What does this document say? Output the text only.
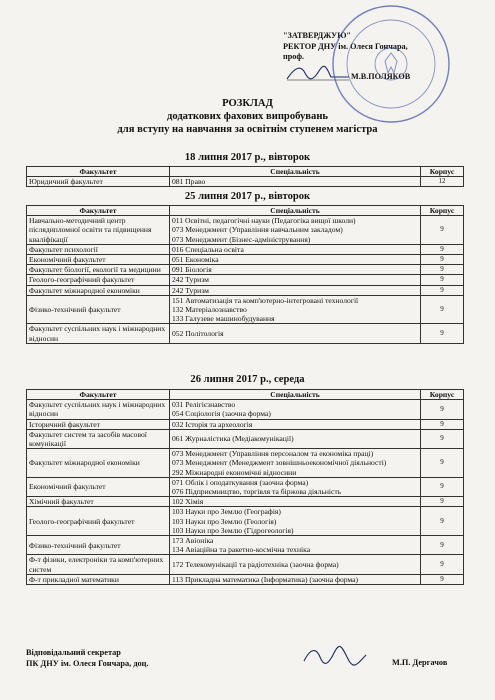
"ЗАТВЕРДЖУЮ"
РЕКТОР ДНУ ім. Олеся Гончара,
проф.
М.В.ПОЛЯКОВ
РОЗКЛАД
додаткових фахових випробувань
для вступу на навчання за освітнім ступенем магістра
18 липня 2017 р., вівторок
Факультет	Спеціальність	Корпус
Юридичний факультет	081 Право	12
25 липня 2017 р., вівторок
Факультет	Спеціальність	Корпус
Навчально-методичний центр післядипломної освіти та підвищення кваліфікації	011 Освітні, педагогічні науки (Педагогіка вищої школи)
073 Менеджмент (Управління навчальним закладом)
073 Менеджмент (Бізнес-адміністрування)	9
Факультет психології	016 Спеціальна освіта	9
Економічний факультет	051 Економіка	9
Факультет біології, екології та медицини	091 Біологія	9
Геолого-географічний факультет	242 Туризм	9
Факультет міжнародної економіки	242 Туризм	9
Фізико-технічний факультет	151 Автоматизація та комп'ютерно-інтегровані технології
132 Матеріалознавство
133 Галузеве машинобудування	9
Факультет суспільних наук і міжнародних відносин	052 Політологія	9
26 липня 2017 р., середа
Факультет	Спеціальність	Корпус
Факультет суспільних наук і міжнародних відносин	031 Релігієзнавство
054 Соціологія (заочна форма)	9
Історичний факультет	032 Історія та археологія	9
Факультет систем та засобів масової комунікації	061 Журналістика (Медіакомунікації)	9
Факультет міжнародної економіки	073 Менеджмент (Управління персоналом та економіка праці)
073 Менеджмент (Менеджмент зовнішньоекономічної діяльності)
292 Міжнародні економічні відносини	9
Економічний факультет	071 Облік і оподаткування (заочна форма)
076 Підприємництво, торгівля та біржова діяльність	9
Хімічний факультет	102 Хімія	9
Геолого-географічний факультет	103 Науки про Землю (Географія)
103 Науки про Землю (Геологія)
103 Науки про Землю (Гідрогеологія)	9
Фізико-технічний факультет	173 Авіоніка
134 Авіаційна та ракетно-космічна техніка	9
Ф-т фізики, електроніки та комп'ютерних систем	172 Телекомунікації та радіотехніка (заочна форма)	9
Ф-т прикладної математики	113 Прикладна математика (Інформатика) (заочна форма)	9
Відповідальний секретар
ПК ДНУ ім. Олеся Гончара, доц.	М.П. Дергачов
